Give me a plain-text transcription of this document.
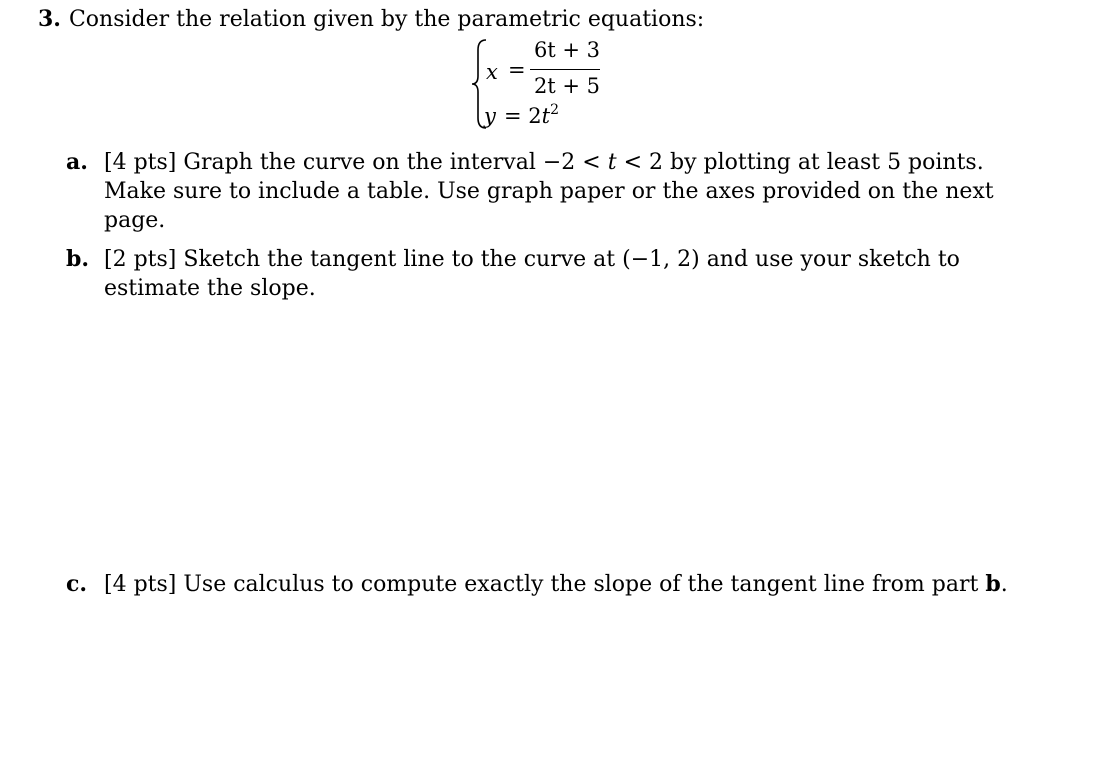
3. Consider the relation given by the parametric equations:
x =
6t + 3
2t + 5
$y = 2t^2$
a. [4 pts] Graph the curve on the interval −2 < t < 2 by plotting at least 5 points. Make sure to include a table. Use graph paper or the axes provided on the next page.
b. [2 pts] Sketch the tangent line to the curve at (−1, 2) and use your sketch to estimate the slope.
c. [4 pts] Use calculus to compute exactly the slope of the tangent line from part b.
